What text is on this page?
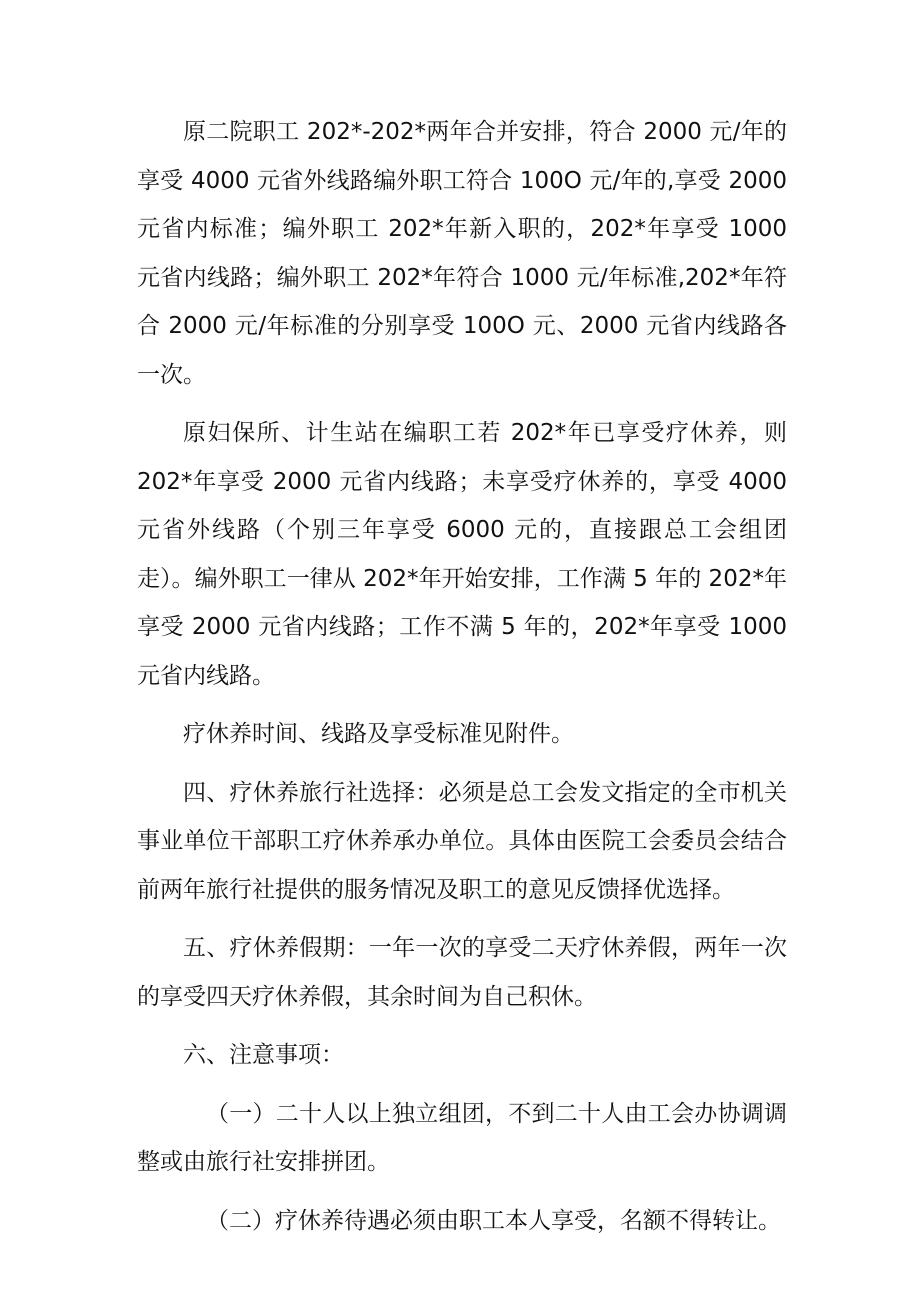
原二院职工 202*-202*两年合并安排，符合 2000 元/年的享受 4000 元省外线路编外职工符合 100O 元/年的,享受 2000 元省内标准；编外职工 202*年新入职的，202*年享受 1000 元省内线路；编外职工 202*年符合 1000 元/年标准,202*年符合 2000 元/年标准的分别享受 100O 元、2000 元省内线路各一次。

原妇保所、计生站在编职工若 202*年已享受疗休养，则 202*年享受 2000 元省内线路；未享受疗休养的，享受 4000 元省外线路（个别三年享受 6000 元的，直接跟总工会组团走）。编外职工一律从 202*年开始安排，工作满 5 年的 202*年享受 2000 元省内线路；工作不满 5 年的，202*年享受 1000 元省内线路。

疗休养时间、线路及享受标准见附件。

四、疗休养旅行社选择：必须是总工会发文指定的全市机关事业单位干部职工疗休养承办单位。具体由医院工会委员会结合前两年旅行社提供的服务情况及职工的意见反馈择优选择。

五、疗休养假期：一年一次的享受二天疗休养假，两年一次的享受四天疗休养假，其余时间为自己积休。

六、注意事项：

（一）二十人以上独立组团，不到二十人由工会办协调调整或由旅行社安排拼团。

（二）疗休养待遇必须由职工本人享受，名额不得转让。
